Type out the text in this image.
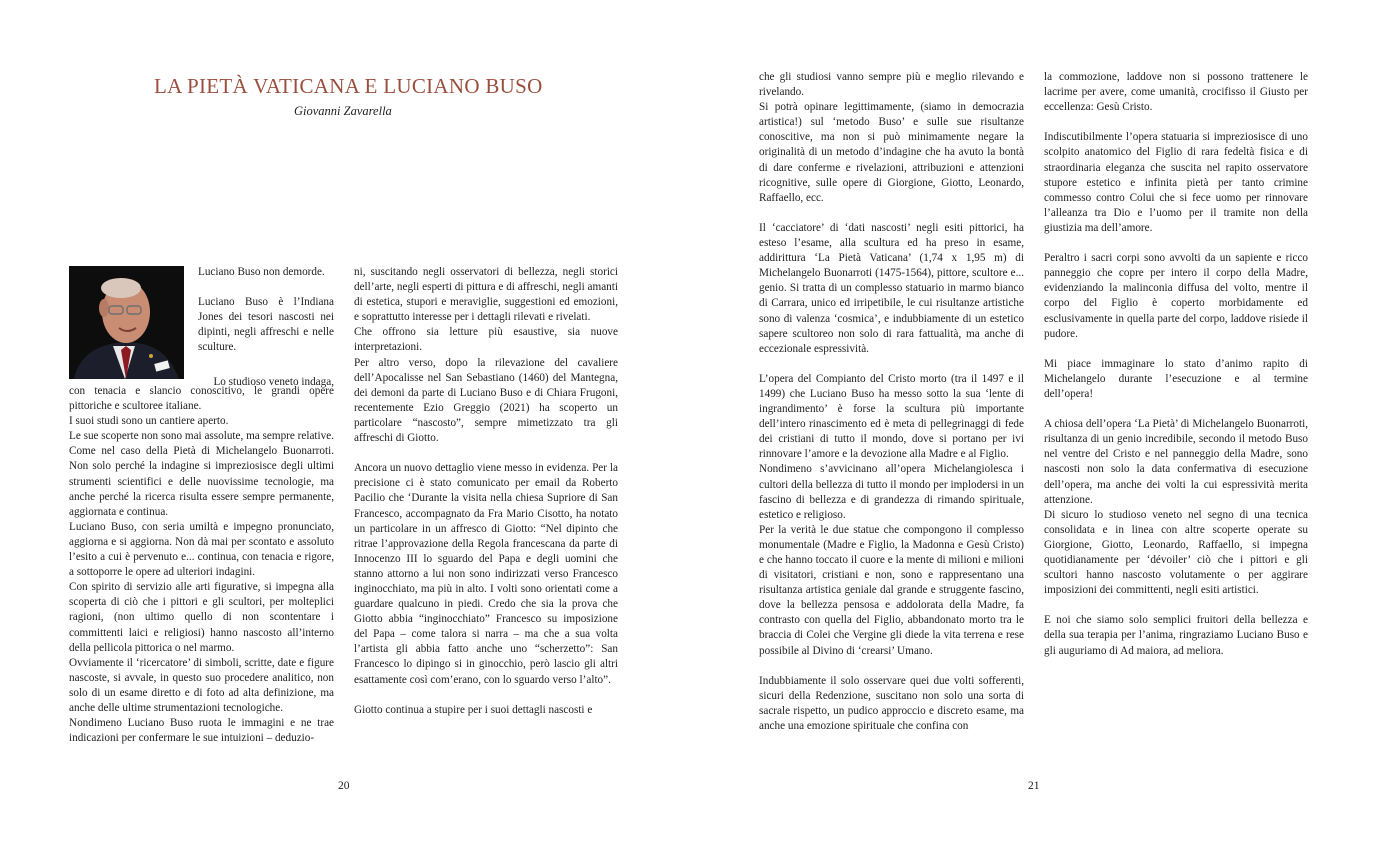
LA PIETÀ VATICANA E LUCIANO BUSO
Giovanni Zavarella

Luciano Buso non demorde.

Luciano Buso è l’Indiana Jones dei tesori nascosti nei dipinti, negli affreschi e nelle sculture.

Lo studioso veneto indaga,

con tenacia e slancio conoscitivo, le grandi opere pittoriche e scultoree italiane.

I suoi studi sono un cantiere aperto.

Le sue scoperte non sono mai assolute, ma sempre relative. Come nel caso della Pietà di Michelangelo Buonarroti. Non solo perché la indagine si impreziosisce degli ultimi strumenti scientifici e delle nuovissime tecnologie, ma anche perché la ricerca risulta essere sempre permanente, aggiornata e continua.

Luciano Buso, con seria umiltà e impegno pronunciato, aggiorna e si aggiorna. Non dà mai per scontato e assoluto l’esito a cui è pervenuto e... continua, con tenacia e rigore, a sottoporre le opere ad ulteriori indagini.

Con spirito di servizio alle arti figurative, si impegna alla scoperta di ciò che i pittori e gli scultori, per molteplici ragioni, (non ultimo quello di non scontentare i committenti laici e religiosi) hanno nascosto all’interno della pellicola pittorica o nel marmo.

Ovviamente il ‘ricercatore’ di simboli, scritte, date e figure nascoste, si avvale, in questo suo procedere analitico, non solo di un esame diretto e di foto ad alta definizione, ma anche delle ultime strumentazioni tecnologiche.

Nondimeno Luciano Buso ruota le immagini e ne trae indicazioni per confermare le sue intuizioni – deduzio-

ni, suscitando negli osservatori di bellezza, negli storici dell’arte, negli esperti di pittura e di affreschi, negli amanti di estetica, stupori e meraviglie, suggestioni ed emozioni, e soprattutto interesse per i dettagli rilevati e rivelati.

Che offrono sia letture più esaustive, sia nuove interpretazioni.

Per altro verso, dopo la rilevazione del cavaliere dell’Apocalisse nel San Sebastiano (1460) del Mantegna, dei demoni da parte di Luciano Buso e di Chiara Frugoni, recentemente Ezio Greggio (2021) ha scoperto un particolare “nascosto”, sempre mimetizzato tra gli affreschi di Giotto.

Ancora un nuovo dettaglio viene messo in evidenza. Per la precisione ci è stato comunicato per email da Roberto Pacilio che ‘Durante la visita nella chiesa Supriore di San Francesco, accompagnato da Fra Mario Cisotto, ha notato un particolare in un affresco di Giotto: “Nel dipinto che ritrae l’approvazione della Regola francescana da parte di Innocenzo III lo sguardo del Papa e degli uomini che stanno attorno a lui non sono indirizzati verso Francesco inginocchiato, ma più in alto. I volti sono orientati come a guardare qualcuno in piedi. Credo che sia la prova che Giotto abbia “inginocchiato” Francesco su imposizione del Papa – come talora si narra – ma che a sua volta l’artista gli abbia fatto anche uno “scherzetto”: San Francesco lo dipingo si in ginocchio, però lascio gli altri esattamente così com’erano, con lo sguardo verso l’alto”.

Giotto continua a stupire per i suoi dettagli nascosti e

20

che gli studiosi vanno sempre più e meglio rilevando e rivelando.

Si potrà opinare legittimamente, (siamo in democrazia artistica!) sul ‘metodo Buso’ e sulle sue risultanze conoscitive, ma non si può minimamente negare la originalità di un metodo d’indagine che ha avuto la bontà di dare conferme e rivelazioni, attribuzioni e attenzioni ricognitive, sulle opere di Giorgione, Giotto, Leonardo, Raffaello, ecc.

Il ‘cacciatore’ di ‘dati nascosti’ negli esiti pittorici, ha esteso l’esame, alla scultura ed ha preso in esame, addirittura ‘La Pietà Vaticana’ (1,74 x 1,95 m) di Michelangelo Buonarroti (1475-1564), pittore, scultore e... genio. Si tratta di un complesso statuario in marmo bianco di Carrara, unico ed irripetibile, le cui risultanze artistiche sono di valenza ‘cosmica’, e indubbiamente di un estetico sapere scultoreo non solo di rara fattualità, ma anche di eccezionale espressività.

L’opera del Compianto del Cristo morto (tra il 1497 e il 1499) che Luciano Buso ha messo sotto la sua ‘lente di ingrandimento’ è forse la scultura più importante dell’intero rinascimento ed è meta di pellegrinaggi di fede dei cristiani di tutto il mondo, dove si portano per ivi rinnovare l’amore e la devozione alla Madre e al Figlio.

Nondimeno s’avvicinano all’opera Michelangiolesca i cultori della bellezza di tutto il mondo per implodersi in un fascino di bellezza e di grandezza di rimando spirituale, estetico e religioso.

Per la verità le due statue che compongono il complesso monumentale (Madre e Figlio, la Madonna e Gesù Cristo) e che hanno toccato il cuore e la mente di milioni e milioni di visitatori, cristiani e non, sono e rappresentano una risultanza artistica geniale dal grande e struggente fascino, dove la bellezza pensosa e addolorata della Madre, fa contrasto con quella del Figlio, abbandonato morto tra le braccia di Colei che Vergine gli diede la vita terrena e rese possibile al Divino di ‘crearsi’ Umano.

Indubbiamente il solo osservare quei due volti sofferenti, sicuri della Redenzione, suscitano non solo una sorta di sacrale rispetto, un pudico approccio e discreto esame, ma anche una emozione spirituale che confina con

la commozione, laddove non si possono trattenere le lacrime per avere, come umanità, crocifisso il Giusto per eccellenza: Gesù Cristo.

Indiscutibilmente l’opera statuaria si impreziosisce di uno scolpito anatomico del Figlio di rara fedeltà fisica e di straordinaria eleganza che suscita nel rapito osservatore stupore estetico e infinita pietà per tanto crimine commesso contro Colui che si fece uomo per rinnovare l’alleanza tra Dio e l’uomo per il tramite non della giustizia ma dell’amore.

Peraltro i sacri corpi sono avvolti da un sapiente e ricco panneggio che copre per intero il corpo della Madre, evidenziando la malinconia diffusa del volto, mentre il corpo del Figlio è coperto morbidamente ed esclusivamente in quella parte del corpo, laddove risiede il pudore.

Mi piace immaginare lo stato d’animo rapito di Michelangelo durante l’esecuzione e al termine dell’opera!

A chiosa dell’opera ‘La Pietà’ di Michelangelo Buonarroti, risultanza di un genio incredibile, secondo il metodo Buso nel ventre del Cristo e nel panneggio della Madre, sono nascosti non solo la data confermativa di esecuzione dell’opera, ma anche dei volti la cui espressività merita attenzione.

Di sicuro lo studioso veneto nel segno di una tecnica consolidata e in linea con altre scoperte operate su Giorgione, Giotto, Leonardo, Raffaello, si impegna quotidianamente per ‘dévoiler’ ciò che i pittori e gli scultori hanno nascosto volutamente o per aggirare imposizioni dei committenti, negli esiti artistici.

E noi che siamo solo semplici fruitori della bellezza e della sua terapia per l’anima, ringraziamo Luciano Buso e gli auguriamo di Ad maiora, ad meliora.

21
